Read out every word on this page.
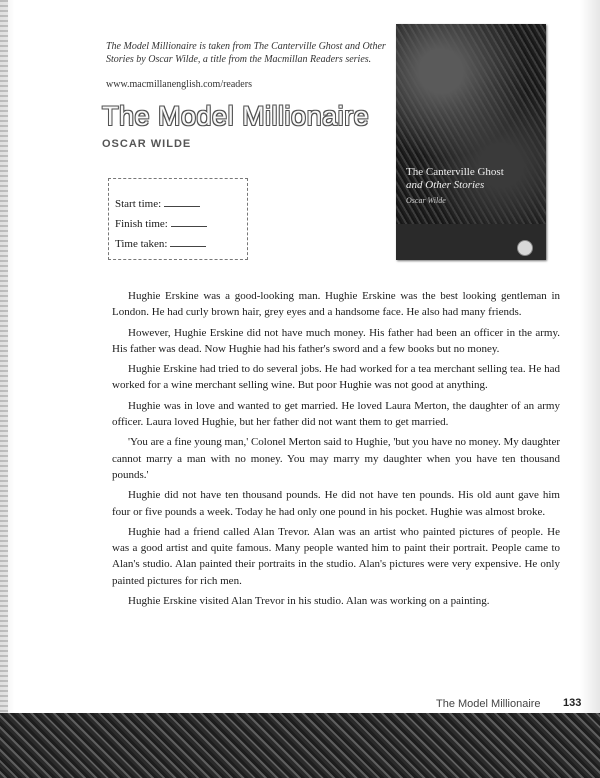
The Model Millionaire is taken from The Canterville Ghost and Other Stories by Oscar Wilde, a title from the Macmillan Readers series.
www.macmillanenglish.com/readers
The Model Millionaire
OSCAR WILDE
Start time:
Finish time:
Time taken:
The Canterville Ghost
and Other Stories
Oscar Wilde

Hughie Erskine was a good-looking man. Hughie Erskine was the best looking gentleman in London. He had curly brown hair, grey eyes and a handsome face. He also had many friends.

However, Hughie Erskine did not have much money. His father had been an officer in the army. His father was dead. Now Hughie had his father's sword and a few books but no money.

Hughie Erskine had tried to do several jobs. He had worked for a tea merchant selling tea. He had worked for a wine merchant selling wine. But poor Hughie was not good at anything.

Hughie was in love and wanted to get married. He loved Laura Merton, the daughter of an army officer. Laura loved Hughie, but her father did not want them to get married.

'You are a fine young man,' Colonel Merton said to Hughie, 'but you have no money. My daughter cannot marry a man with no money. You may marry my daughter when you have ten thousand pounds.'

Hughie did not have ten thousand pounds. He did not have ten pounds. His old aunt gave him four or five pounds a week. Today he had only one pound in his pocket. Hughie was almost broke.

Hughie had a friend called Alan Trevor. Alan was an artist who painted pictures of people. He was a good artist and quite famous. Many people wanted him to paint their portrait. People came to Alan's studio. Alan painted their portraits in the studio. Alan's pictures were very expensive. He only painted pictures for rich men.

Hughie Erskine visited Alan Trevor in his studio. Alan was working on a painting.

The Model Millionaire 133
